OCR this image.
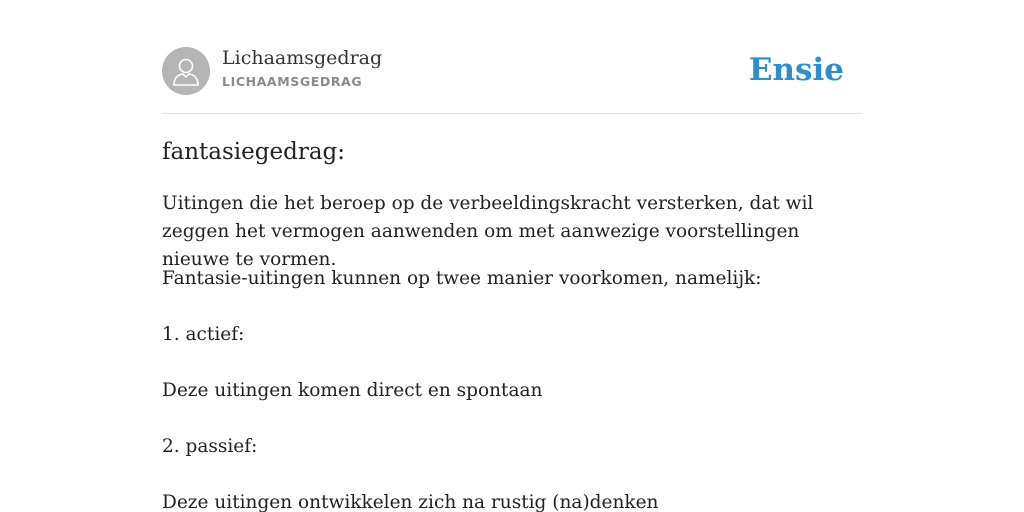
Lichaamsgedrag
LICHAAMSGEDRAG	Ensie
fantasiegedrag:

Uitingen die het beroep op de verbeeldingskracht versterken, dat wil zeggen het vermogen aanwenden om met aanwezige voorstellingen nieuwe te vormen.

Fantasie-uitingen kunnen op twee manier voorkomen, namelijk:

1. actief:

Deze uitingen komen direct en spontaan

2. passief:

Deze uitingen ontwikkelen zich na rustig (na)denken
